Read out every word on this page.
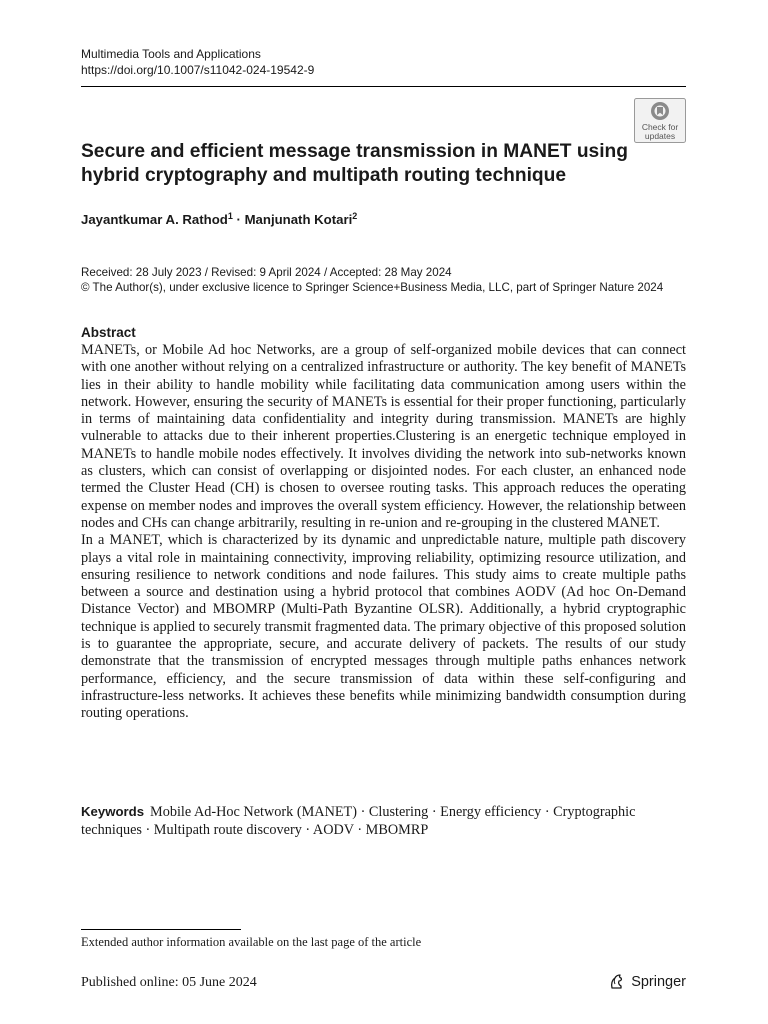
Multimedia Tools and Applications
https://doi.org/10.1007/s11042-024-19542-9
Check for
updates
Secure and efficient message transmission in MANET using hybrid cryptography and multipath routing technique
Jayantkumar A. Rathod$^1$ · Manjunath Kotari$^2$
Received: 28 July 2023 / Revised: 9 April 2024 / Accepted: 28 May 2024
© The Author(s), under exclusive licence to Springer Science+Business Media, LLC, part of Springer Nature 2024
Abstract

MANETs, or Mobile Ad hoc Networks, are a group of self-organized mobile devices that can connect with one another without relying on a centralized infrastructure or authority. The key benefit of MANETs lies in their ability to handle mobility while facilitating data communication among users within the network. However, ensuring the security of MANETs is essential for their proper functioning, particularly in terms of maintaining data confidentiality and integrity during transmission. MANETs are highly vulnerable to attacks due to their inherent properties.Clustering is an energetic technique employed in MANETs to handle mobile nodes effectively. It involves dividing the network into sub-networks known as clusters, which can consist of overlapping or disjointed nodes. For each cluster, an enhanced node termed the Cluster Head (CH) is chosen to oversee routing tasks. This approach reduces the operating expense on member nodes and improves the overall system efficiency. However, the relationship between nodes and CHs can change arbitrarily, resulting in re-union and re-grouping in the clustered MANET.

In a MANET, which is characterized by its dynamic and unpredictable nature, multiple path discovery plays a vital role in maintaining connectivity, improving reliability, optimizing resource utilization, and ensuring resilience to network conditions and node failures. This study aims to create multiple paths between a source and destination using a hybrid protocol that combines AODV (Ad hoc On-Demand Distance Vector) and MBOMRP (Multi-Path Byzantine OLSR). Additionally, a hybrid cryptographic technique is applied to securely transmit fragmented data. The primary objective of this proposed solution is to guarantee the appropriate, secure, and accurate delivery of packets. The results of our study demonstrate that the transmission of encrypted messages through multiple paths enhances network performance, efficiency, and the secure transmission of data within these self-configuring and infrastructure-less networks. It achieves these benefits while minimizing bandwidth consumption during routing operations.

Keywords Mobile Ad-Hoc Network (MANET) · Clustering · Energy efficiency · Cryptographic techniques · Multipath route discovery · AODV · MBOMRP
Extended author information available on the last page of the article
Published online: 05 June 2024	Springer
